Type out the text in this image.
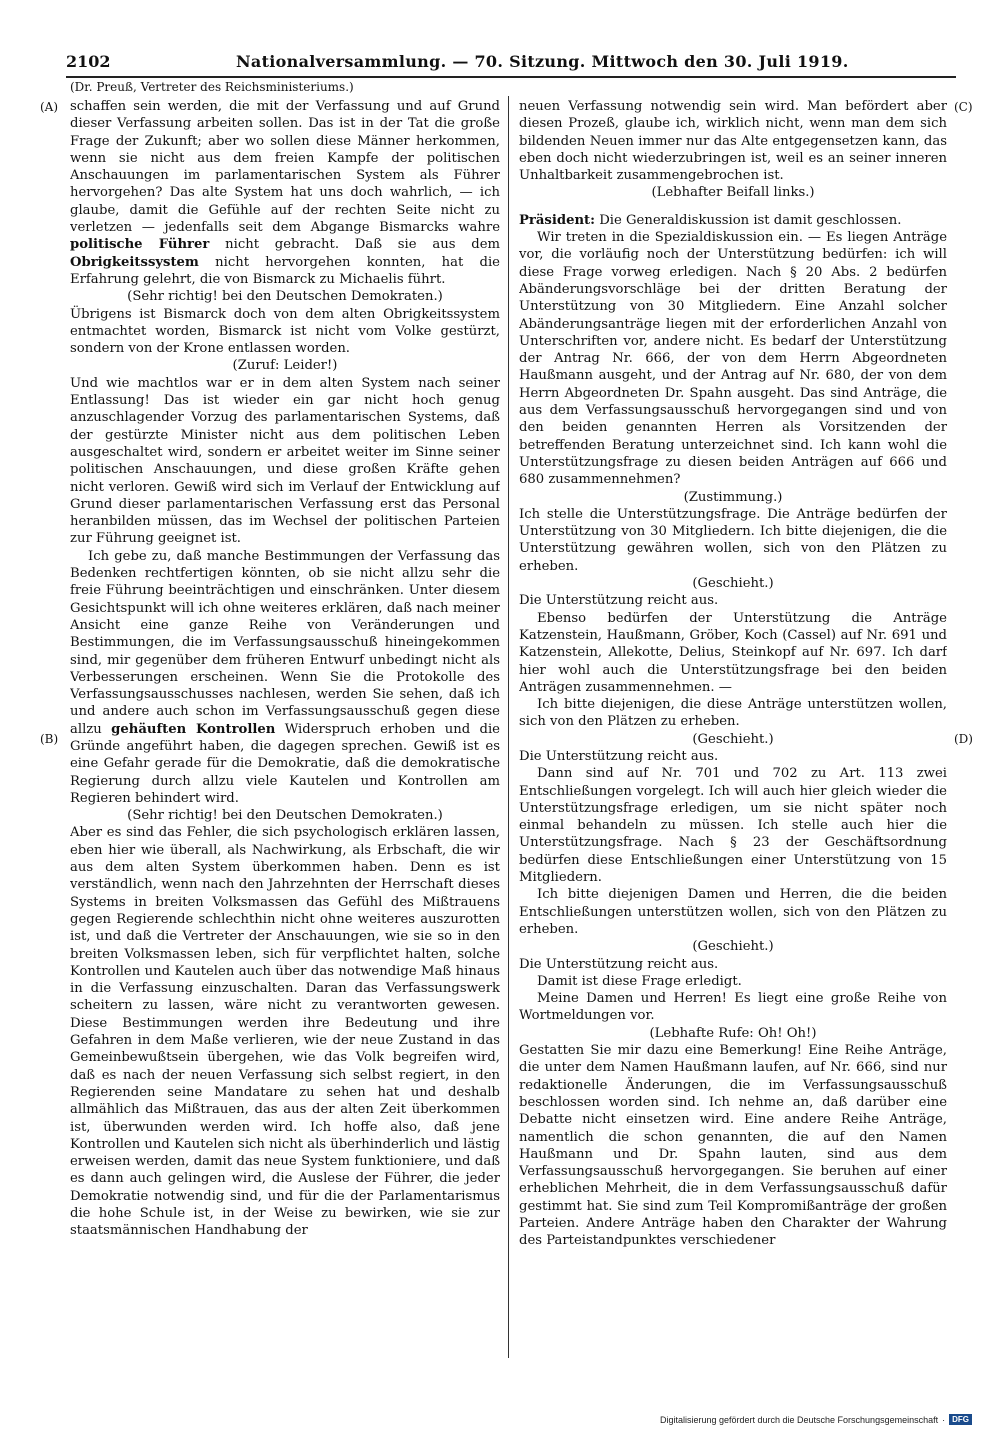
2102	Nationalversammlung. — 70. Sitzung. Mittwoch den 30. Juli 1919.
(Dr. Preuß, Vertreter des Reichsministeriums.)
(A)
(B)
(C)
(D)

schaffen sein werden, die mit der Verfassung und auf Grund dieser Verfassung arbeiten sollen. Das ist in der Tat die große Frage der Zukunft; aber wo sollen diese Männer herkommen, wenn sie nicht aus dem freien Kampfe der politischen Anschauungen im parlamentarischen System als Führer hervorgehen? Das alte System hat uns doch wahrlich, — ich glaube, damit die Gefühle auf der rechten Seite nicht zu verletzen — jedenfalls seit dem Abgange Bismarcks wahre politische Führer nicht gebracht. Daß sie aus dem Obrigkeitssystem nicht hervorgehen konnten, hat die Erfahrung gelehrt, die von Bismarck zu Michaelis führt.

(Sehr richtig! bei den Deutschen Demokraten.)

Übrigens ist Bismarck doch von dem alten Obrigkeitssystem entmachtet worden, Bismarck ist nicht vom Volke gestürzt, sondern von der Krone entlassen worden.

(Zuruf: Leider!)

Und wie machtlos war er in dem alten System nach seiner Entlassung! Das ist wieder ein gar nicht hoch genug anzuschlagender Vorzug des parlamentarischen Systems, daß der gestürzte Minister nicht aus dem politischen Leben ausgeschaltet wird, sondern er arbeitet weiter im Sinne seiner politischen Anschauungen, und diese großen Kräfte gehen nicht verloren. Gewiß wird sich im Verlauf der Entwicklung auf Grund dieser parlamentarischen Verfassung erst das Personal heranbilden müssen, das im Wechsel der politischen Parteien zur Führung geeignet ist.

Ich gebe zu, daß manche Bestimmungen der Verfassung das Bedenken rechtfertigen könnten, ob sie nicht allzu sehr die freie Führung beeinträchtigen und einschränken. Unter diesem Gesichtspunkt will ich ohne weiteres erklären, daß nach meiner Ansicht eine ganze Reihe von Veränderungen und Bestimmungen, die im Verfassungsausschuß hineingekommen sind, mir gegenüber dem früheren Entwurf unbedingt nicht als Verbesserungen erscheinen. Wenn Sie die Protokolle des Verfassungsausschusses nachlesen, werden Sie sehen, daß ich und andere auch schon im Verfassungsausschuß gegen diese allzu gehäuften Kontrollen Widerspruch erhoben und die Gründe angeführt haben, die dagegen sprechen. Gewiß ist es eine Gefahr gerade für die Demokratie, daß die demokratische Regierung durch allzu viele Kautelen und Kontrollen am Regieren behindert wird.

(Sehr richtig! bei den Deutschen Demokraten.)

Aber es sind das Fehler, die sich psychologisch erklären lassen, eben hier wie überall, als Nachwirkung, als Erbschaft, die wir aus dem alten System überkommen haben. Denn es ist verständlich, wenn nach den Jahrzehnten der Herrschaft dieses Systems in breiten Volksmassen das Gefühl des Mißtrauens gegen Regierende schlechthin nicht ohne weiteres auszurotten ist, und daß die Vertreter der Anschauungen, wie sie so in den breiten Volksmassen leben, sich für verpflichtet halten, solche Kontrollen und Kautelen auch über das notwendige Maß hinaus in die Verfassung einzuschalten. Daran das Verfassungswerk scheitern zu lassen, wäre nicht zu verantworten gewesen. Diese Bestimmungen werden ihre Bedeutung und ihre Gefahren in dem Maße verlieren, wie der neue Zustand in das Gemeinbewußtsein übergehen, wie das Volk begreifen wird, daß es nach der neuen Verfassung sich selbst regiert, in den Regierenden seine Mandatare zu sehen hat und deshalb allmählich das Mißtrauen, das aus der alten Zeit überkommen ist, überwunden werden wird. Ich hoffe also, daß jene Kontrollen und Kautelen sich nicht als überhinderlich und lästig erweisen werden, damit das neue System funktioniere, und daß es dann auch gelingen wird, die Auslese der Führer, die jeder Demokratie notwendig sind, und für die der Parlamentarismus die hohe Schule ist, in der Weise zu bewirken, wie sie zur staatsmännischen Handhabung der

neuen Verfassung notwendig sein wird. Man befördert aber diesen Prozeß, glaube ich, wirklich nicht, wenn man dem sich bildenden Neuen immer nur das Alte entgegensetzen kann, das eben doch nicht wiederzubringen ist, weil es an seiner inneren Unhaltbarkeit zusammengebrochen ist.

(Lebhafter Beifall links.)

Präsident: Die Generaldiskussion ist damit geschlossen.

Wir treten in die Spezialdiskussion ein. — Es liegen Anträge vor, die vorläufig noch der Unterstützung bedürfen: ich will diese Frage vorweg erledigen. Nach § 20 Abs. 2 bedürfen Abänderungsvorschläge bei der dritten Beratung der Unterstützung von 30 Mitgliedern. Eine Anzahl solcher Abänderungsanträge liegen mit der erforderlichen Anzahl von Unterschriften vor, andere nicht. Es bedarf der Unterstützung der Antrag Nr. 666, der von dem Herrn Abgeordneten Haußmann ausgeht, und der Antrag auf Nr. 680, der von dem Herrn Abgeordneten Dr. Spahn ausgeht. Das sind Anträge, die aus dem Verfassungsausschuß hervorgegangen sind und von den beiden genannten Herren als Vorsitzenden der betreffenden Beratung unterzeichnet sind. Ich kann wohl die Unterstützungsfrage zu diesen beiden Anträgen auf 666 und 680 zusammennehmen?

(Zustimmung.)

Ich stelle die Unterstützungsfrage. Die Anträge bedürfen der Unterstützung von 30 Mitgliedern. Ich bitte diejenigen, die die Unterstützung gewähren wollen, sich von den Plätzen zu erheben.

(Geschieht.)

Die Unterstützung reicht aus.

Ebenso bedürfen der Unterstützung die Anträge Katzenstein, Haußmann, Gröber, Koch (Cassel) auf Nr. 691 und Katzenstein, Allekotte, Delius, Steinkopf auf Nr. 697. Ich darf hier wohl auch die Unterstützungsfrage bei den beiden Anträgen zusammennehmen. —

Ich bitte diejenigen, die diese Anträge unterstützen wollen, sich von den Plätzen zu erheben.

(Geschieht.)

Die Unterstützung reicht aus.

Dann sind auf Nr. 701 und 702 zu Art. 113 zwei Entschließungen vorgelegt. Ich will auch hier gleich wieder die Unterstützungsfrage erledigen, um sie nicht später noch einmal behandeln zu müssen. Ich stelle auch hier die Unterstützungsfrage. Nach § 23 der Geschäftsordnung bedürfen diese Entschließungen einer Unterstützung von 15 Mitgliedern.

Ich bitte diejenigen Damen und Herren, die die beiden Entschließungen unterstützen wollen, sich von den Plätzen zu erheben.

(Geschieht.)

Die Unterstützung reicht aus.

Damit ist diese Frage erledigt.

Meine Damen und Herren! Es liegt eine große Reihe von Wortmeldungen vor.

(Lebhafte Rufe: Oh! Oh!)

Gestatten Sie mir dazu eine Bemerkung! Eine Reihe Anträge, die unter dem Namen Haußmann laufen, auf Nr. 666, sind nur redaktionelle Änderungen, die im Verfassungsausschuß beschlossen worden sind. Ich nehme an, daß darüber eine Debatte nicht einsetzen wird. Eine andere Reihe Anträge, namentlich die schon genannten, die auf den Namen Haußmann und Dr. Spahn lauten, sind aus dem Verfassungsausschuß hervorgegangen. Sie beruhen auf einer erheblichen Mehrheit, die in dem Verfassungsausschuß dafür gestimmt hat. Sie sind zum Teil Kompromißanträge der großen Parteien. Andere Anträge haben den Charakter der Wahrung des Parteistandpunktes verschiedener

Digitalisierung gefördert durch die Deutsche Forschungsgemeinschaft · DFG
